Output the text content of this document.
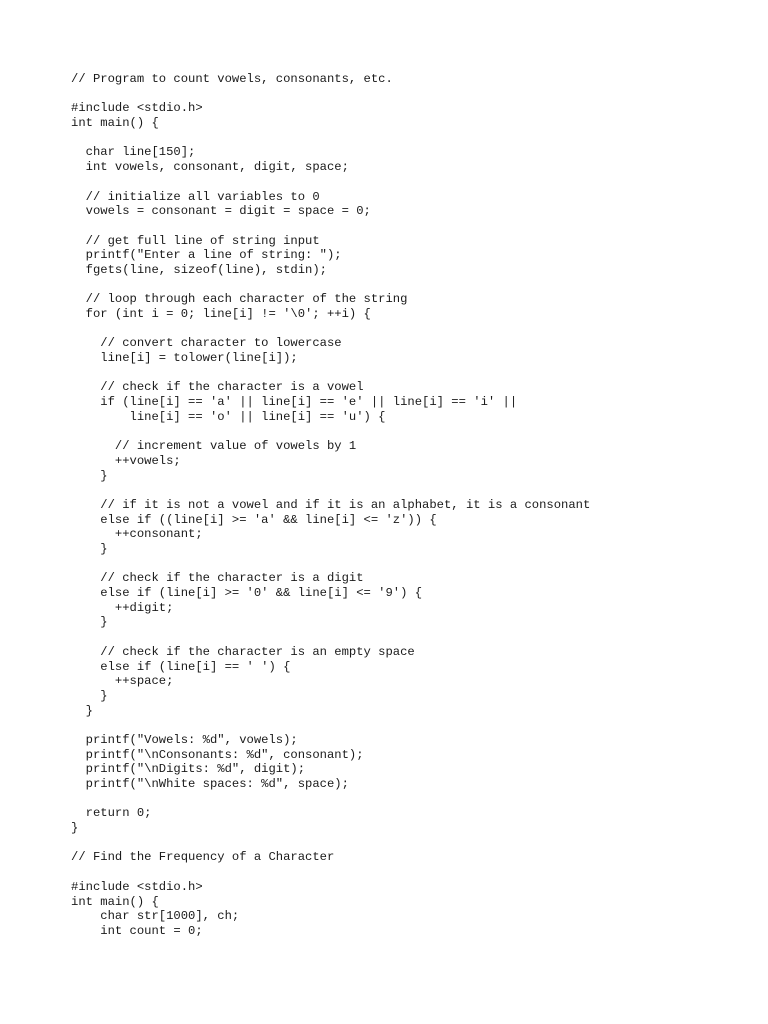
// Program to count vowels, consonants, etc.
#include <stdio.h>
int main() {
char line[150];
int vowels, consonant, digit, space;
// initialize all variables to 0
vowels = consonant = digit = space = 0;
// get full line of string input
printf("Enter a line of string: ");
fgets(line, sizeof(line), stdin);
// loop through each character of the string
for (int i = 0; line[i] != '\0'; ++i) {
// convert character to lowercase
line[i] = tolower(line[i]);
// check if the character is a vowel
if (line[i] == 'a' || line[i] == 'e' || line[i] == 'i' ||
line[i] == 'o' || line[i] == 'u') {
// increment value of vowels by 1
++vowels;
}
// if it is not a vowel and if it is an alphabet, it is a consonant
else if ((line[i] >= 'a' && line[i] <= 'z')) {
++consonant;
}
// check if the character is a digit
else if (line[i] >= '0' && line[i] <= '9') {
++digit;
}
// check if the character is an empty space
else if (line[i] == ' ') {
++space;
}
}
printf("Vowels: %d", vowels);
printf("\nConsonants: %d", consonant);
printf("\nDigits: %d", digit);
printf("\nWhite spaces: %d", space);
return 0;
}
// Find the Frequency of a Character
#include <stdio.h>
int main() {
char str[1000], ch;
int count = 0;
